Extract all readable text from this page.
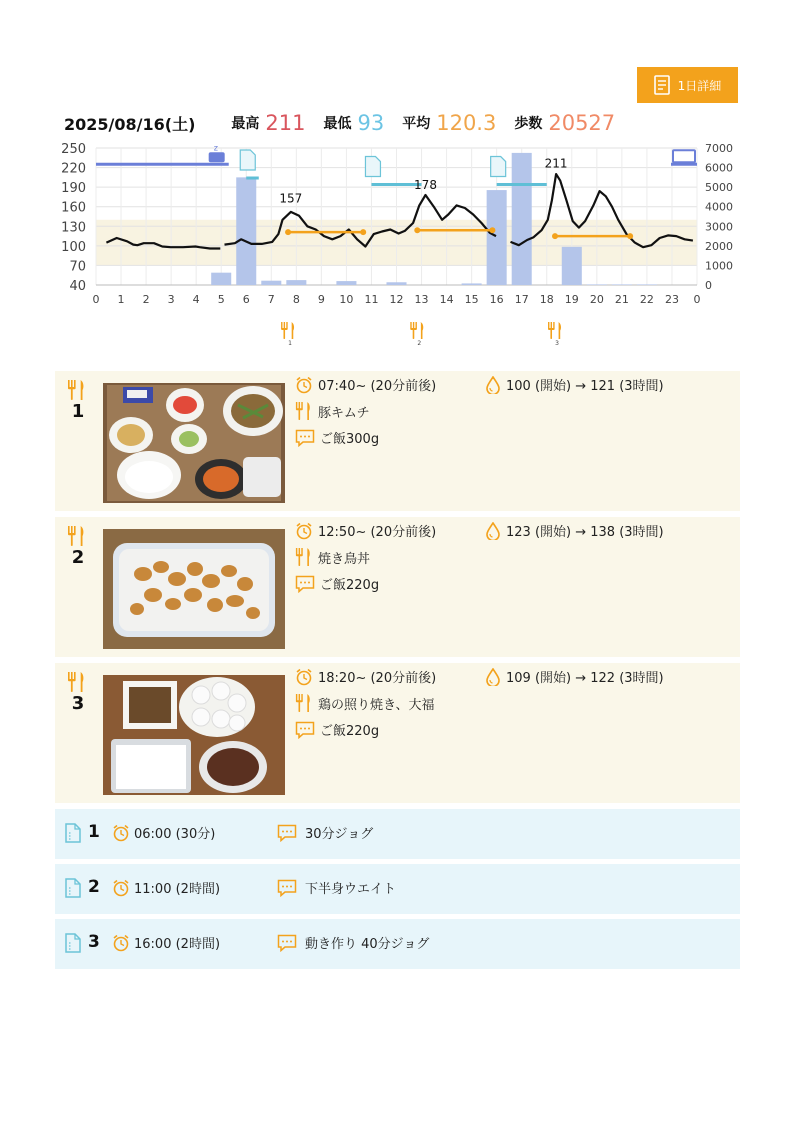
1日詳細
2025/08/16(土)	最高 211 最低 93 平均 120.3 歩数 20527
157
178
211
250
220
190
160
130
100
70
40
7000
6000
5000
4000
3000
2000
1000
0
0 1 2 3 4 5 6 7 8 9 10 11 12 13 14 15 16 17 18 19 20 21 22 23 0
z
1	2	3
1
07:40~ (20分前後)	100 (開始) → 121 (3時間)
豚キムチ
ご飯300g
2
12:50~ (20分前後)	123 (開始) → 138 (3時間)
焼き鳥丼
ご飯220g
3
18:20~ (20分前後)	109 (開始) → 122 (3時間)
鶏の照り焼き、大福
ご飯220g
1	06:00 (30分)	30分ジョグ
2	11:00 (2時間)	下半身ウエイト
3	16:00 (2時間)	動き作り 40分ジョグ
